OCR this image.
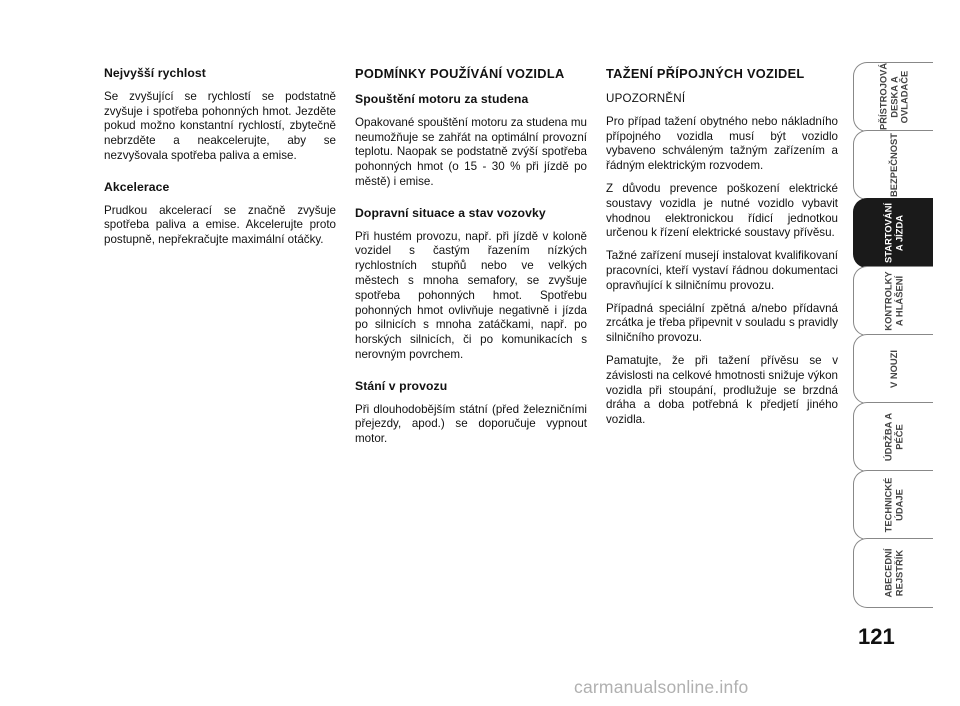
Nejvyšší rychlost

Se zvyšující se rychlostí se podstatně zvyšuje i spotřeba pohonných hmot. Jezděte pokud možno konstantní rychlostí, zbytečně nebrzděte a neakcelerujte, aby se nezvyšovala spotřeba paliva a emise.

Akcelerace

Prudkou akcelerací se značně zvyšuje spotřeba paliva a emise. Akcelerujte proto postupně, nepřekračujte maximální otáčky.

PODMÍNKY POUŽÍVÁNÍ VOZIDLA
Spouštění motoru za studena

Opakované spouštění motoru za studena mu neumožňuje se zahřát na optimální provozní teplotu. Naopak se podstatně zvýší spotřeba pohonných hmot (o 15 - 30 % při jízdě po městě) i emise.

Dopravní situace a stav vozovky

Při hustém provozu, např. při jízdě v koloně vozidel s častým řazením nízkých rychlostních stupňů nebo ve velkých městech s mnoha semafory, se zvyšuje spotřeba pohonných hmot. Spotřebu pohonných hmot ovlivňuje negativně i jízda po silnicích s mnoha zatáčkami, např. po horských silnicích, či po komunikacích s nerovným povrchem.

Stání v provozu

Při dlouhodobějším státní (před železničními přejezdy, apod.) se doporučuje vypnout motor.

TAŽENÍ PŘÍPOJNÝCH VOZIDEL

UPOZORNĚNÍ

Pro případ tažení obytného nebo nákladního přípojného vozidla musí být vozidlo vybaveno schváleným tažným zařízením a řádným elektrickým rozvodem.

Z důvodu prevence poškození elektrické soustavy vozidla je nutné vozidlo vybavit vhodnou elektronickou řídicí jednotkou určenou k řízení elektrické soustavy přívěsu.

Tažné zařízení musejí instalovat kvalifikovaní pracovníci, kteří vystaví řádnou dokumentaci opravňující k silničnímu provozu.

Případná speciální zpětná a/nebo přídavná zrcátka je třeba připevnit v souladu s pravidly silničního provozu.

Pamatujte, že při tažení přívěsu se v závislosti na celkové hmotnosti snižuje výkon vozidla při stoupání, prodlužuje se brzdná dráha a doba potřebná k předjetí jiného vozidla.

PŘÍSTROJOVÁ DESKA A OVLADAČE
BEZPEČNOST
STARTOVÁNÍ A JÍZDA
KONTROLKY A HLÁŠENÍ
V NOUZI
ÚDRŽBA A PÉČE
TECHNICKÉ ÚDAJE
ABECEDNÍ REJSTŘÍK
121
carmanualsonline.info
